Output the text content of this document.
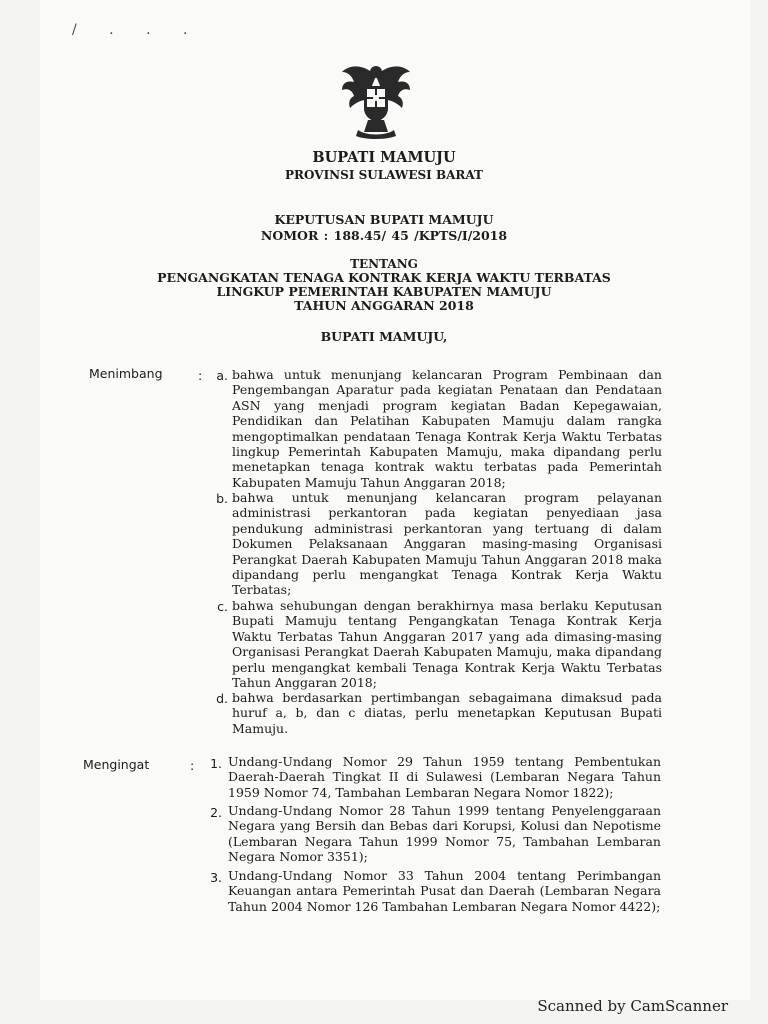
/ . . .
BUPATI MAMUJU
PROVINSI SULAWESI BARAT
KEPUTUSAN BUPATI MAMUJU
NOMOR : 188.45/ 45 /KPTS/I/2018
TENTANG
PENGANGKATAN TENAGA KONTRAK KERJA WAKTU TERBATAS
LINGKUP PEMERINTAH KABUPATEN MAMUJU
TAHUN ANGGARAN 2018
BUPATI MAMUJU,
Menimbang	:	a. bahwa untuk menunjang kelancaran Program Pembinaan dan Pengembangan Aparatur pada kegiatan Penataan dan Pendataan ASN yang menjadi program kegiatan Badan Kepegawaian, Pendidikan dan Pelatihan Kabupaten Mamuju dalam rangka mengoptimalkan pendataan Tenaga Kontrak Kerja Waktu Terbatas lingkup Pemerintah Kabupaten Mamuju, maka dipandang perlu menetapkan tenaga kontrak waktu terbatas pada Pemerintah Kabupaten Mamuju Tahun Anggaran 2018;
b. bahwa untuk menunjang kelancaran program pelayanan administrasi perkantoran pada kegiatan penyediaan jasa pendukung administrasi perkantoran yang tertuang di dalam Dokumen Pelaksanaan Anggaran masing-masing Organisasi Perangkat Daerah Kabupaten Mamuju Tahun Anggaran 2018 maka dipandang perlu mengangkat Tenaga Kontrak Kerja Waktu Terbatas;
c. bahwa sehubungan dengan berakhirnya masa berlaku Keputusan Bupati Mamuju tentang Pengangkatan Tenaga Kontrak Kerja Waktu Terbatas Tahun Anggaran 2017 yang ada dimasing-masing Organisasi Perangkat Daerah Kabupaten Mamuju, maka dipandang perlu mengangkat kembali Tenaga Kontrak Kerja Waktu Terbatas Tahun Anggaran 2018;
d. bahwa berdasarkan pertimbangan sebagaimana dimaksud pada huruf a, b, dan c diatas, perlu menetapkan Keputusan Bupati Mamuju.
Mengingat	:	1. Undang-Undang Nomor 29 Tahun 1959 tentang Pembentukan Daerah-Daerah Tingkat II di Sulawesi (Lembaran Negara Tahun 1959 Nomor 74, Tambahan Lembaran Negara Nomor 1822);
2. Undang-Undang Nomor 28 Tahun 1999 tentang Penyelenggaraan Negara yang Bersih dan Bebas dari Korupsi, Kolusi dan Nepotisme (Lembaran Negara Tahun 1999 Nomor 75, Tambahan Lembaran Negara Nomor 3351);
3. Undang-Undang Nomor 33 Tahun 2004 tentang Perimbangan Keuangan antara Pemerintah Pusat dan Daerah (Lembaran Negara Tahun 2004 Nomor 126 Tambahan Lembaran Negara Nomor 4422);
Scanned by CamScanner
